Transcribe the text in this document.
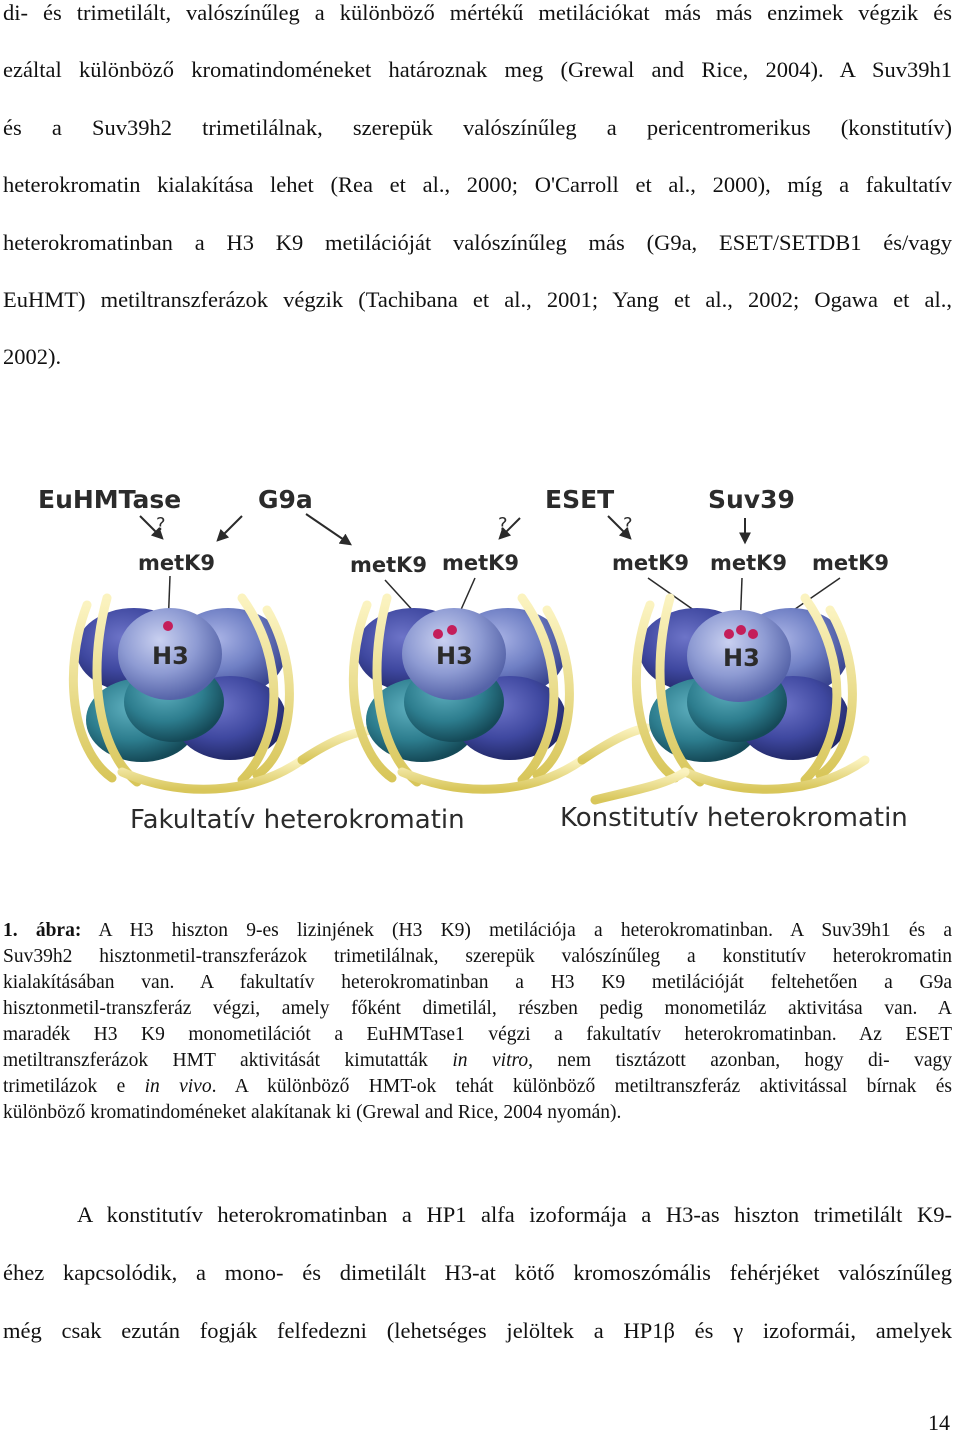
di- és trimetilált, valószínűleg a különböző mértékű metilációkat más más enzimek végzik és
ezáltal különböző kromatindoméneket határoznak meg (Grewal and Rice, 2004). A Suv39h1
és a Suv39h2 trimetilálnak, szerepük valószínűleg a pericentromerikus (konstitutív)
heterokromatin kialakítása lehet (Rea et al., 2000; O'Carroll et al., 2000), míg a fakultatív
heterokromatinban a H3 K9 metilációját valószínűleg más (G9a, ESET/SETDB1 és/vagy
EuHMT) metiltranszferázok végzik (Tachibana et al., 2001; Yang et al., 2002; Ogawa et al.,
2002).
EuHMTase	G9a	ESET	Suv39
?	?	?
metK9	metK9 metK9	metK9 metK9 metK9
H3	H3	H3
Fakultatív heterokromatin	Konstitutív heterokromatin
1. ábra: A H3 hiszton 9-es lizinjének (H3 K9) metilációja a heterokromatinban. A Suv39h1 és a
Suv39h2 hisztonmetil-transzferázok trimetilálnak, szerepük valószínűleg a konstitutív heterokromatin
kialakításában van. A fakultatív heterokromatinban a H3 K9 metilációját feltehetően a G9a
hisztonmetil-transzferáz végzi, amely főként dimetilál, részben pedig monometiláz aktivitása van. A
maradék H3 K9 monometilációt a EuHMTase1 végzi a fakultatív heterokromatinban. Az ESET
metiltranszferázok HMT aktivitását kimutatták in vitro, nem tisztázott azonban, hogy di- vagy
trimetilázok e in vivo. A különböző HMT-ok tehát különböző metiltranszferáz aktivitással bírnak és
különböző kromatindoméneket alakítanak ki (Grewal and Rice, 2004 nyomán).
A konstitutív heterokromatinban a HP1 alfa izoformája a H3-as hiszton trimetilált K9-
éhez kapcsolódik, a mono- és dimetilált H3-at kötő kromoszómális fehérjéket valószínűleg
még csak ezután fogják felfedezni (lehetséges jelöltek a HP1β és γ izoformái, amelyek
14
